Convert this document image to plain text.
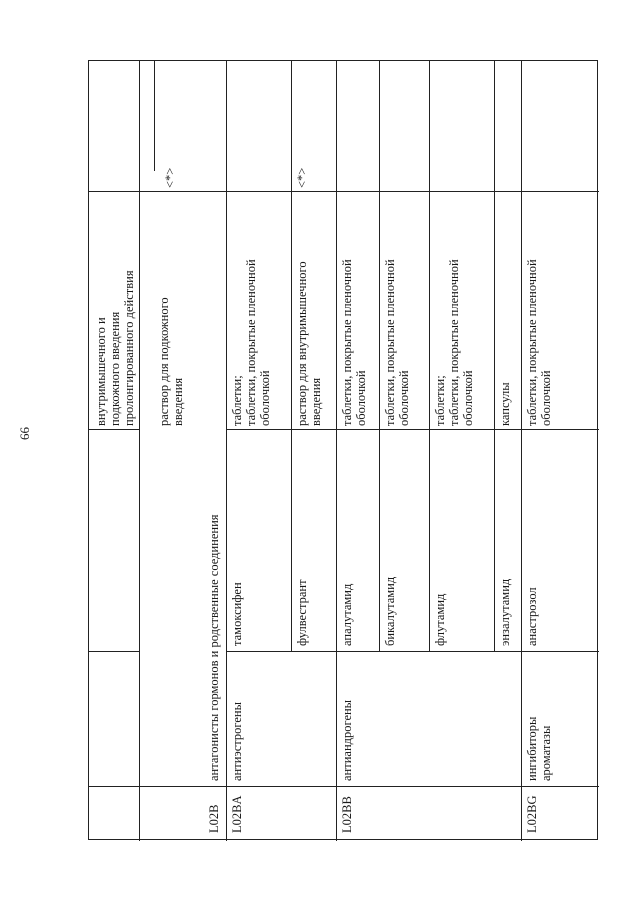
66
внутримышечного и
подкожного введения
пролонгированного действия
раствор для подкожного
введения
<*>
L02B
антагонисты гормонов и родственные соединения
L02BA
антиэстрогены
тамоксифен
таблетки;
таблетки, покрытые пленочной
оболочкой
фулвестрант
раствор для внутримышечного
введения
<*>
L02BB
антиандрогены
апалутамид
таблетки, покрытые пленочной
оболочкой
бикалутамид
таблетки, покрытые пленочной
оболочкой
флутамид
таблетки;
таблетки, покрытые пленочной
оболочкой
энзалутамид
капсулы
L02BG
ингибиторы
ароматазы
анастрозол
таблетки, покрытые пленочной
оболочкой
